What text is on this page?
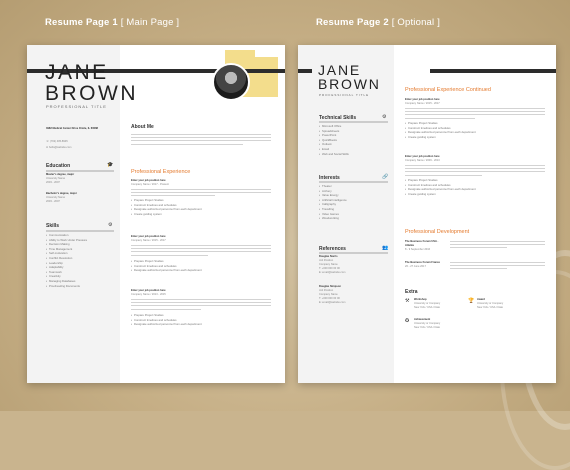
Resume Page 1 [ Main Page ]	Resume Page 2 [ Optional ]
JANE
BROWN
PROFESSIONAL TITLE
3982 Medical Center Drive Oriole, IL 60088
☏ (702) 405-8945
✉ hello@website.com
Education	🎓
Master's degree, major
University Name
2003 - 2007
Bachelor's degree, major
University Name
2003 - 2007
Skills	⚙
• Communication
• Ability to Work Under Pressure
• Decision Making
• Time Management
• Self-motivation
• Conflict Resolution
• Leadership
• Adaptability
• Teamwork
• Creativity
• Managing Databases
• Proofreading Documents
About Me
Professional Experience
Enter your job position here
Company Name / 2017 - Present
• Prepare Project Studies
• Construct timelines and schedules
• Designate authorized personnel from each department
• Create guiding system
Enter your job position here
Company Name / 2015 - 2017
• Prepare Project Studies
• Construct timelines and schedules
• Designate authorized personnel from each department
Enter your job position here
Company Name / 2013 - 2015
• Prepare Project Studies
• Construct timelines and schedules
• Designate authorized personnel from each department
JANE
BROWN
PROFESSIONAL TITLE
Technical Skills	⚙
• Microsoft Office
• Spreadsheets
• PowerPoint
• QuickBooks
• Outlook
• Email
• Web and Social Skills
Interests	🔗
• Theater
• Archery
• Value Energy
• Artificial Intelligence
• Calligraphy
• Travelling
• Video Games
• Woodworking
References	👥
Douglas Norris
Job Position
Company Name
T: +000 000 00 00
E: email@website.com
Douglas Simpson
Job Position
Company Name
T: +000 000 00 00
E: email@website.com
Professional Experience Continued
Enter your job position here
Company Name / 2015 - 2017
• Prepare Project Studies
• Construct timelines and schedules
• Designate authorized personnel from each department
• Create guiding system
Enter your job position here
Company Name / 2009 - 2013
• Prepare Project Studies
• Construct timelines and schedules
• Designate authorized personnel from each department
• Create guiding system
Professional Development
The Business Forum USA - Atlanta
8 - 9 September 2016
The Business Forum France
26 - 27 June 2017
Extra
⚒ Workshop
University or Company
New York / USA / Date
🏆 Award
University or Company
New York / USA / Date
✪ Achievement
University or Company
New York / USA / Date
